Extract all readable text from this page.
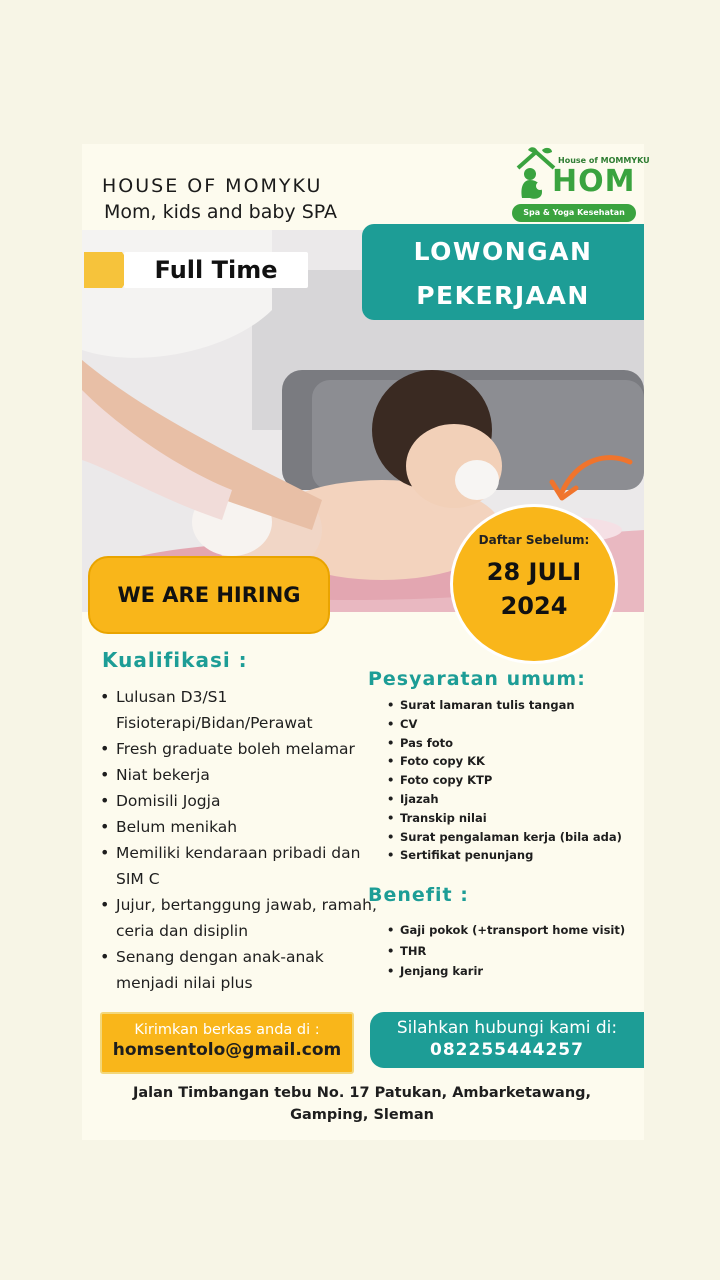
HOUSE OF MOMYKU
Mom, kids and baby SPA
House of MOMMYKU
HOM
Spa & Yoga Kesehatan
LOWONGAN
PEKERJAAN
Full Time
WE ARE HIRING
Daftar Sebelum:
28 JULI
2024
Kualifikasi :
• Lulusan D3/S1 Fisioterapi/Bidan/Perawat
• Fresh graduate boleh melamar
• Niat bekerja
• Domisili Jogja
• Belum menikah
• Memiliki kendaraan pribadi dan SIM C
• Jujur, bertanggung jawab, ramah, ceria dan disiplin
• Senang dengan anak-anak menjadi nilai plus
Pesyaratan umum:
• Surat lamaran tulis tangan
• CV
• Pas foto
• Foto copy KK
• Foto copy KTP
• Ijazah
• Transkip nilai
• Surat pengalaman kerja (bila ada)
• Sertifikat penunjang
Benefit :
• Gaji pokok (+transport home visit)
• THR
• Jenjang karir
Kirimkan berkas anda di :
homsentolo@gmail.com
Silahkan hubungi kami di:
082255444257
Jalan Timbangan tebu No. 17 Patukan, Ambarketawang, Gamping, Sleman
